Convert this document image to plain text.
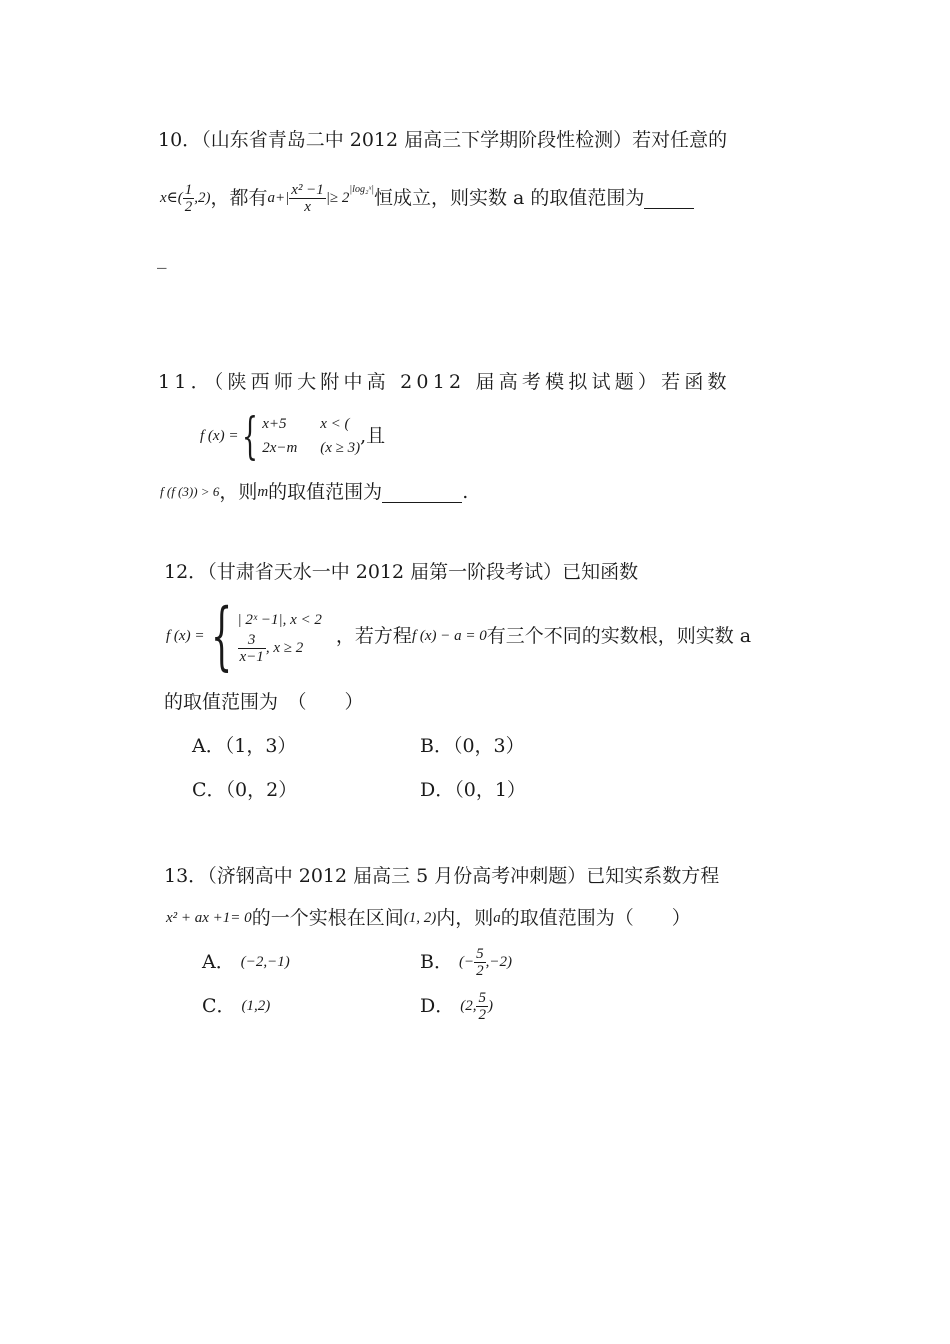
10．（山东省青岛二中 2012 届高三下学期阶段性检测）若对任意的
x∈( $\frac{1}{2} ,2$) ，都有 $a+| \frac{\text{x² −1}}{x}$ |≥ 2
|log₂ˣ| 恒成立，则实数 a 的取值范围为
_
11．（陕西师大附中高 2012 届高考模拟试题）若函数
f (x) = { x+5 x < (
2x−m (x ≥ 3)
,且
f (f (3)) > 6 ，则 m 的取值范围为	.
12．（甘肃省天水一中 2012 届第一阶段考试）已知函数
f (x) = { | 2ˣ −1|, x < 2
$\frac{3}{x-1}$ , x ≥ 2
，若方程 f (x) − a = 0 有三个不同的实数根，则实数 a
的取值范围为　（　　）
A．（1，3）	B．（0，3）
C．（0，2）	D．（0，1）
13．（济钢高中 2012 届高三 5 月份高考冲刺题）已知实系数方程
x² + ax +1= 0 的一个实根在区间 (1, 2) 内，则 a 的取值范围为（　　）
A． (−2,−1)	B． (− $\frac{5}{2} ,-2$)
C． (1,2)	D． (2, $\frac{5}{2}$ )
